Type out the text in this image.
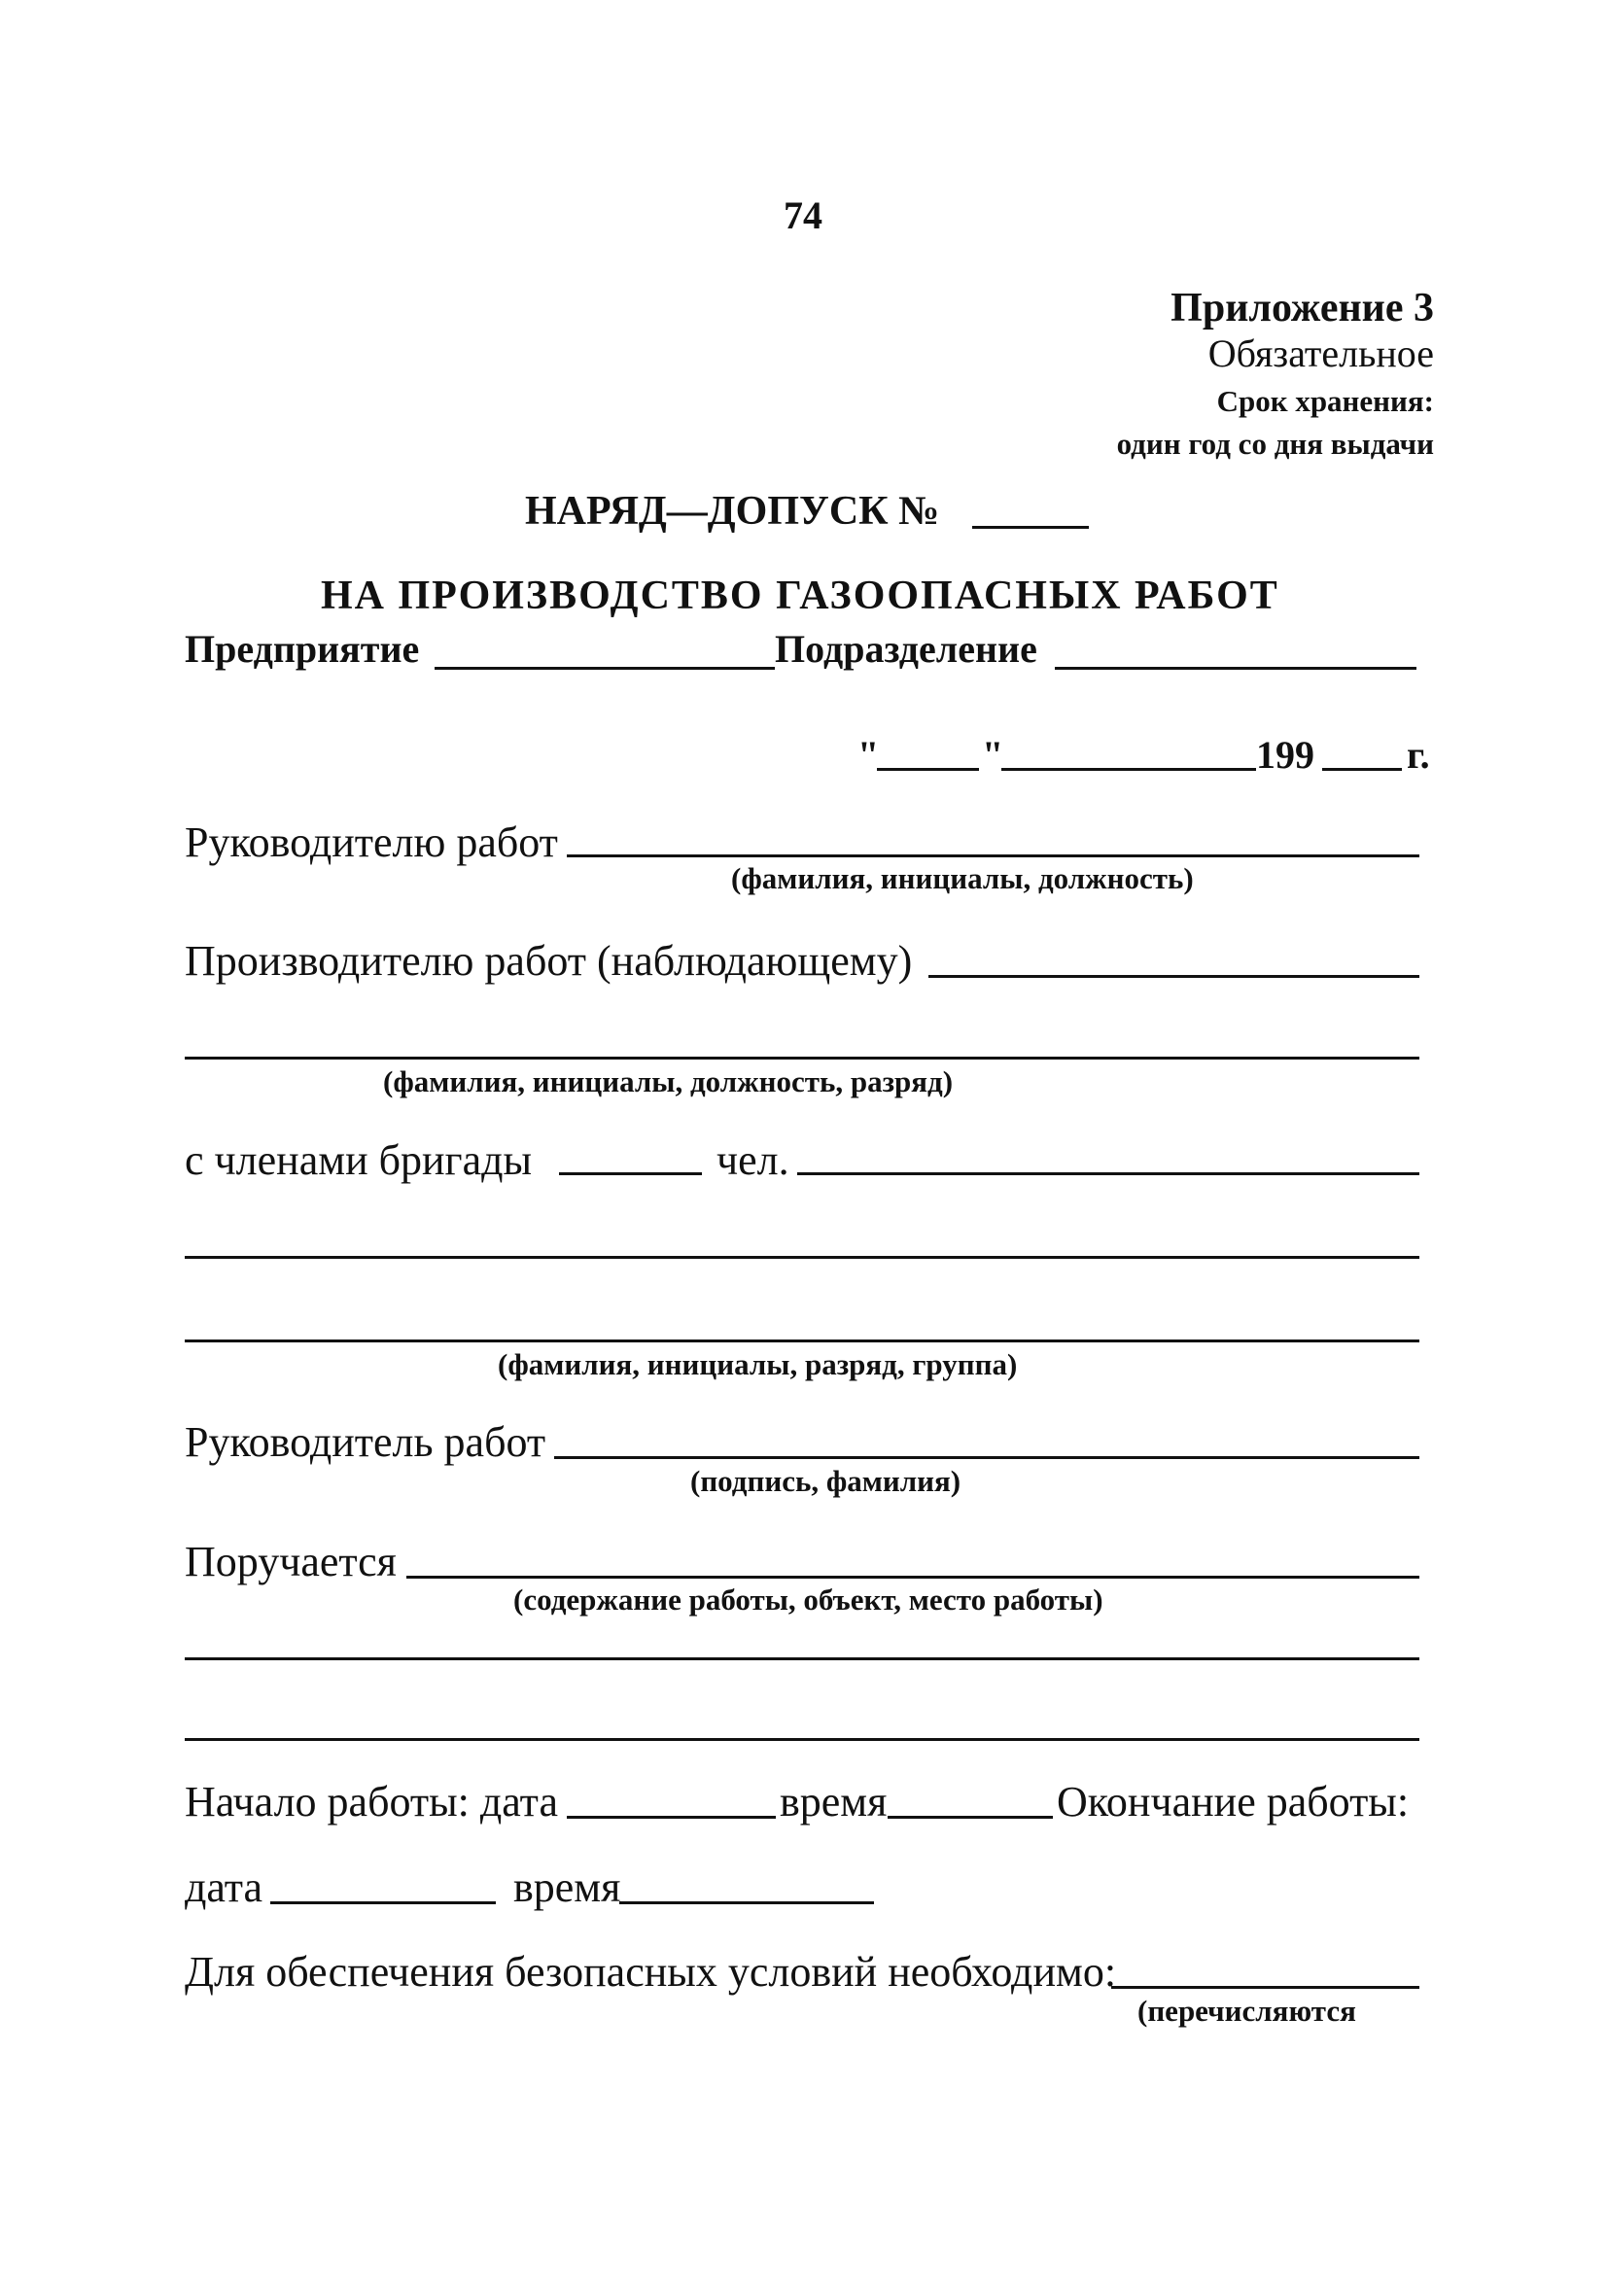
74
Приложение 3
Обязательное
Срок хранения:
один год со дня выдачи
НАРЯД—ДОПУСК №
НА ПРОИЗВОДСТВО ГАЗООПАСНЫХ РАБОТ
Предприятие	Подразделение
"	"	199 г.
Руководителю работ
(фамилия, инициалы, должность)
Производителю работ (наблюдающему)
(фамилия, инициалы, должность, разряд)
с членами бригады	чел.
(фамилия, инициалы, разряд, группа)
Руководитель работ
(подпись, фамилия)
Поручается
(содержание работы, объект, место работы)
Начало работы: дата	время	Окончание работы:
дата	время
Для обеспечения безопасных условий необходимо:
(перечисляются
